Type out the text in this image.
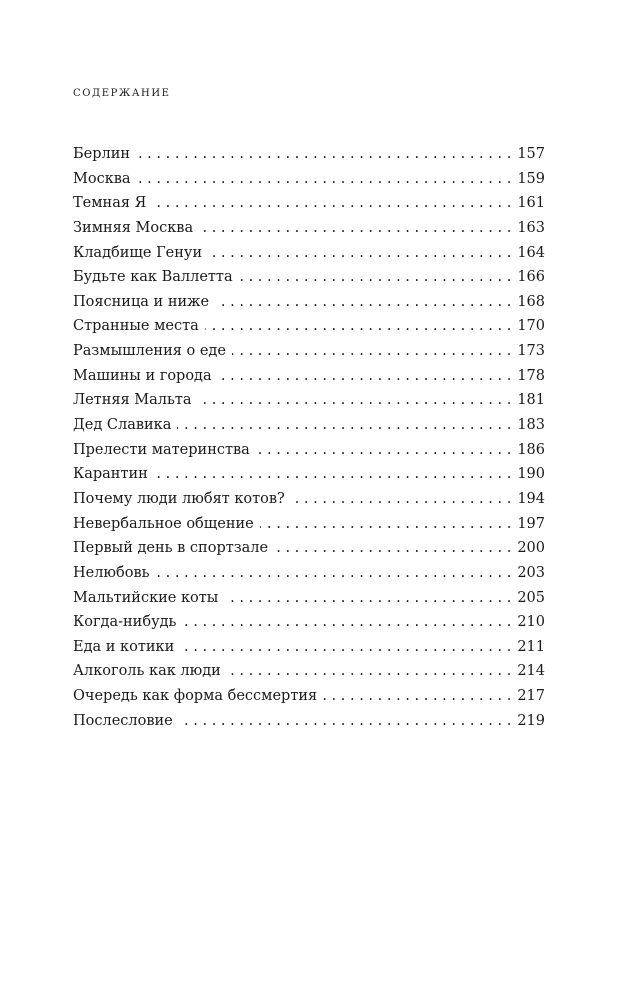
СОДЕРЖАНИЕ
Берлин . . .	157
Москва . . .	159
Темная Я . . .	161
Зимняя Москва . . .	163
Кладбище Генуи . . .	164
Будьте как Валлетта . . .	166
Поясница и ниже . . .	168
Странные места . . .	170
Размышления о еде . . .	173
Машины и города . . .	178
Летняя Мальта . . .	181
Дед Славика . . .	183
Прелести материнства . . .	186
Карантин . . .	190
Почему люди любят котов? . . .	194
Невербальное общение . . .	197
Первый день в спортзале . . .	200
Нелюбовь . . .	203
Мальтийские коты . . .	205
Когда-нибудь . . .	210
Еда и котики . . .	211
Алкоголь как люди . . .	214
Очередь как форма бессмертия . . .	217
Послесловие . . .	219
